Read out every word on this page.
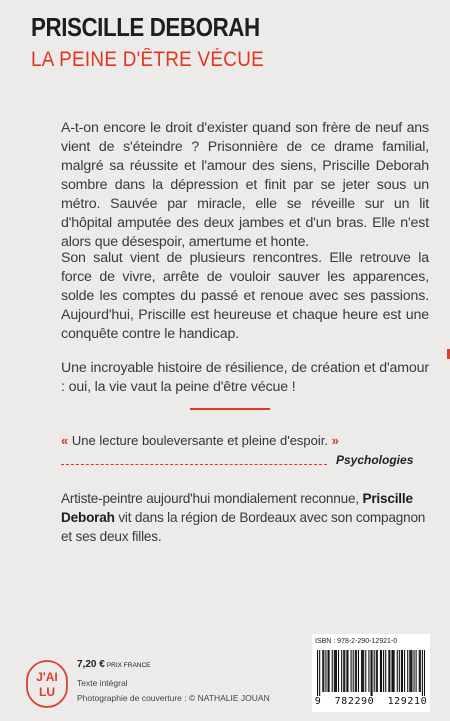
PRISCILLE DEBORAH
LA PEINE D'ÊTRE VÉCUE

A-t-on encore le droit d'exister quand son frère de neuf ans vient de s'éteindre ? Prisonnière de ce drame familial, malgré sa réussite et l'amour des siens, Priscille Deborah sombre dans la dépression et finit par se jeter sous un métro. Sauvée par miracle, elle se réveille sur un lit d'hôpital amputée des deux jambes et d'un bras. Elle n'est alors que désespoir, amertume et honte.

Son salut vient de plusieurs rencontres. Elle retrouve la force de vivre, arrête de vouloir sauver les apparences, solde les comptes du passé et renoue avec ses passions. Aujourd'hui, Priscille est heureuse et chaque heure est une conquête contre le handicap.

Une incroyable histoire de résilience, de création et d'amour : oui, la vie vaut la peine d'être vécue !

« Une lecture bouleversante et pleine d'espoir. »

Psychologies

Artiste-peintre aujourd'hui mondialement reconnue, Priscille Deborah vit dans la région de Bordeaux avec son compagnon et ses deux filles.

J'AI
LU

7,20 € PRIX FRANCE

Texte intégral

Photographie de couverture : © NATHALIE JOUAN

ISBN : 978-2-290-12921-0

9 782290 129210
